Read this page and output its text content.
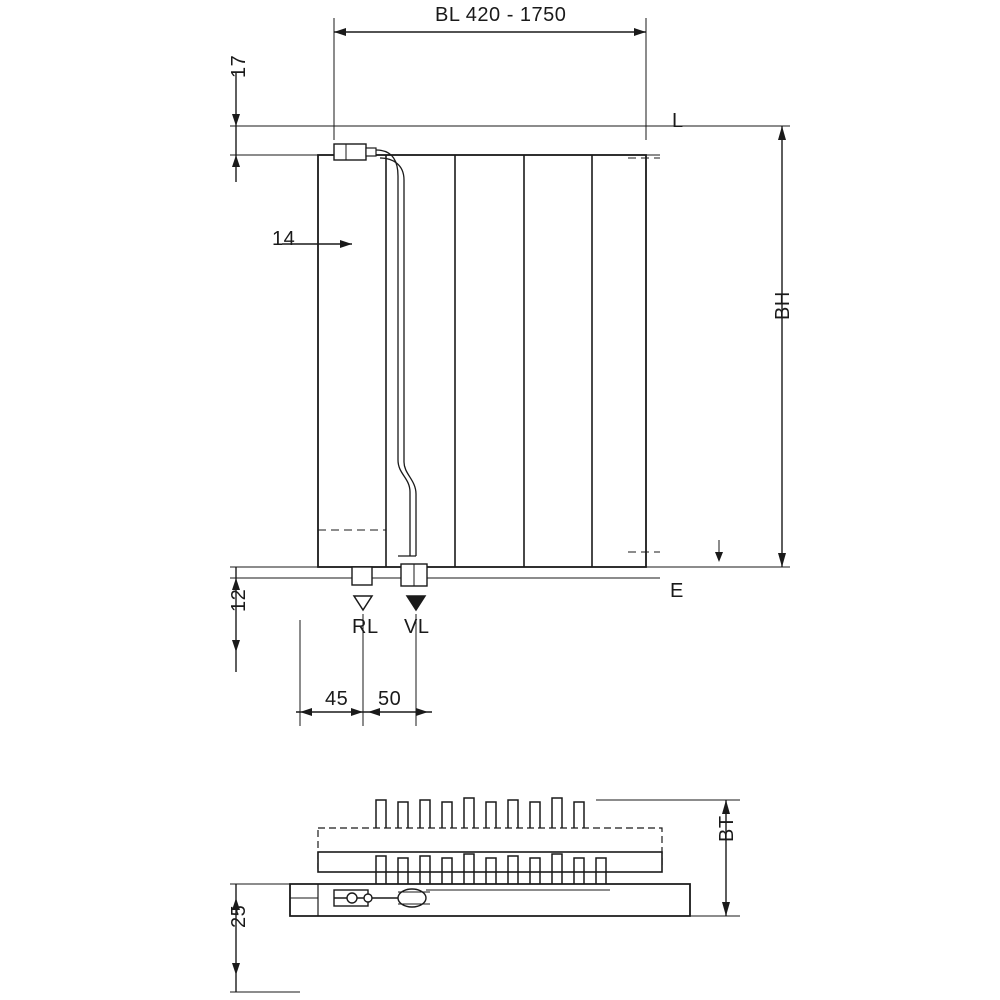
BL 420 - 1750
17
L
14
BH
E
12
RL VL
45 50
BT
25
